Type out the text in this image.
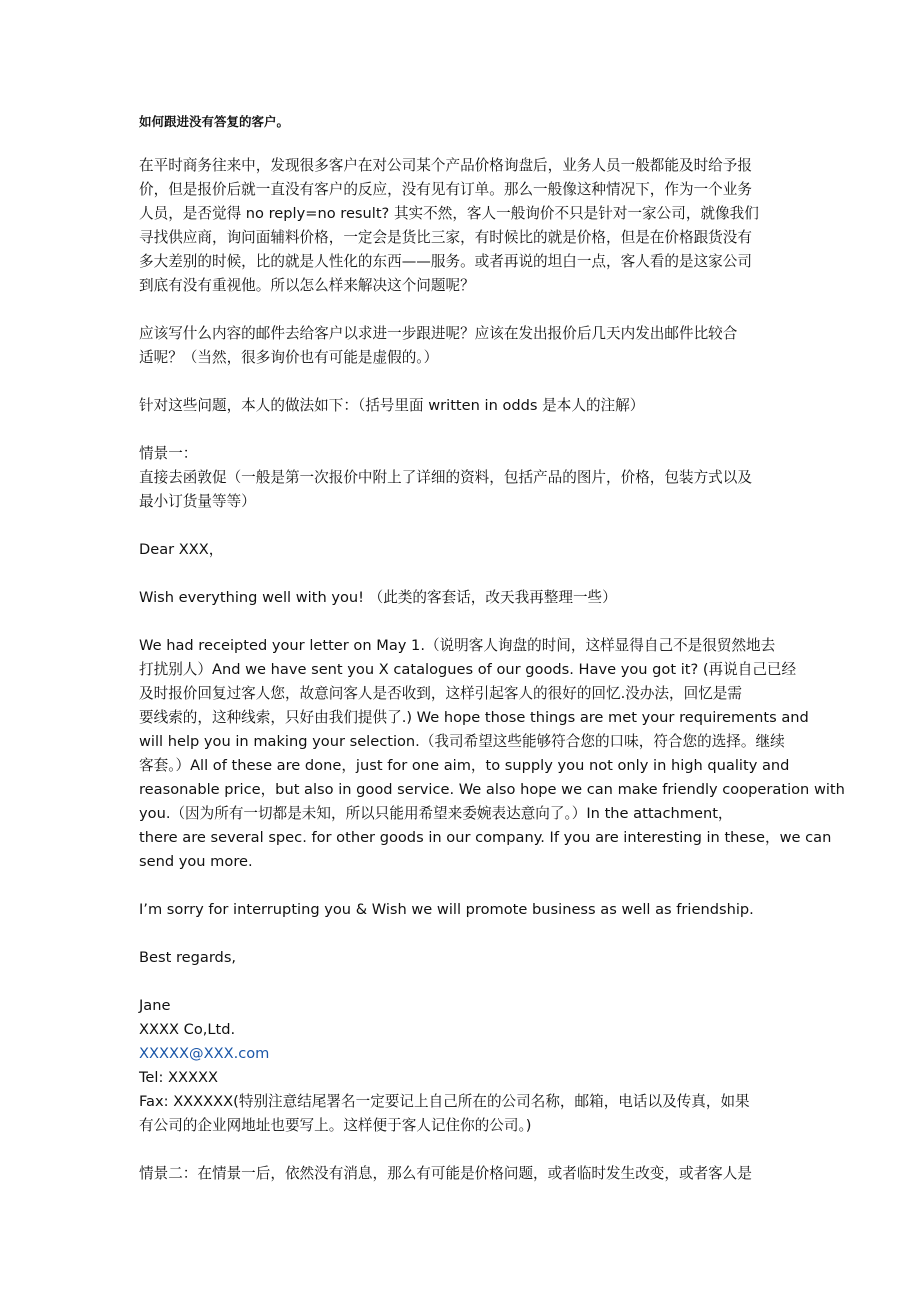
如何跟进没有答复的客户。
在平时商务往来中，发现很多客户在对公司某个产品价格询盘后，业务人员一般都能及时给予报
价，但是报价后就一直没有客户的反应，没有见有订单。那么一般像这种情况下，作为一个业务
人员，是否觉得 no reply=no result? 其实不然，客人一般询价不只是针对一家公司，就像我们
寻找供应商，询问面辅料价格，一定会是货比三家，有时候比的就是价格，但是在价格跟货没有
多大差别的时候，比的就是人性化的东西——服务。或者再说的坦白一点，客人看的是这家公司
到底有没有重视他。所以怎么样来解决这个问题呢？
应该写什么内容的邮件去给客户以求进一步跟进呢？应该在发出报价后几天内发出邮件比较合
适呢？（当然，很多询价也有可能是虚假的。）
针对这些问题，本人的做法如下：（括号里面 written in odds 是本人的注解）
情景一：
直接去函敦促（一般是第一次报价中附上了详细的资料，包括产品的图片，价格，包装方式以及
最小订货量等等）
Dear XXX，
Wish everything well with you! （此类的客套话，改天我再整理一些）
We had receipted your letter on May 1.（说明客人询盘的时间，这样显得自己不是很贸然地去
打扰别人）And we have sent you X catalogues of our goods. Have you got it? (再说自己已经
及时报价回复过客人您，故意问客人是否收到，这样引起客人的很好的回忆.没办法，回忆是需
要线索的，这种线索，只好由我们提供了.) We hope those things are met your requirements and
will help you in making your selection.（我司希望这些能够符合您的口味，符合您的选择。继续
客套。）All of these are done，just for one aim，to supply you not only in high quality and
reasonable price，but also in good service. We also hope we can make friendly cooperation with
you.（因为所有一切都是未知，所以只能用希望来委婉表达意向了。）In the attachment，
there are several spec. for other goods in our company. If you are interesting in these，we can
send you more.
I’m sorry for interrupting you & Wish we will promote business as well as friendship.
Best regards,
Jane
XXXX Co,Ltd.
XXXXX@XXX.com
Tel: XXXXX
Fax: XXXXXX(特别注意结尾署名一定要记上自己所在的公司名称，邮箱，电话以及传真，如果
有公司的企业网地址也要写上。这样便于客人记住你的公司。)
情景二：在情景一后，依然没有消息，那么有可能是价格问题，或者临时发生改变，或者客人是
